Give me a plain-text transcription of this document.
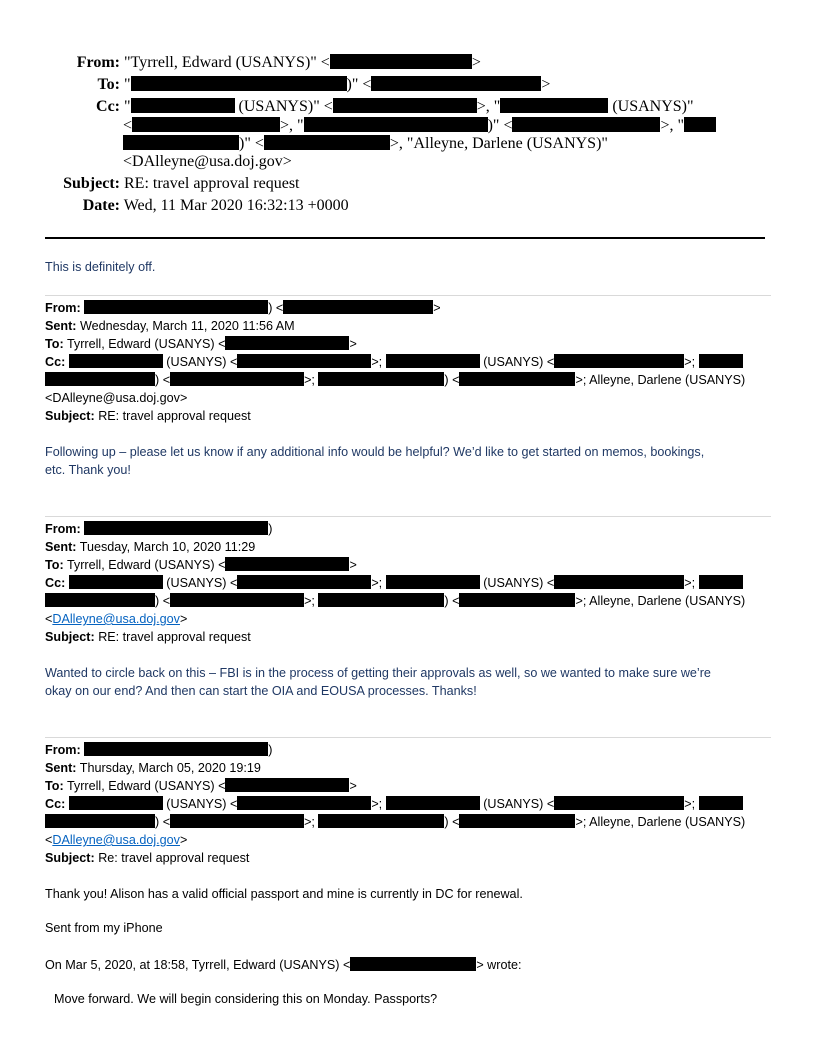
From: "Tyrrell, Edward (USANYS)" <	>
To: "	)" <	>
Cc: "	(USANYS)" <	>, "	(USANYS)"
<	>, "	)" <	>, "
)" <	>, "Alleyne, Darlene (USANYS)"
<DAlleyne@usa.doj.gov>
Subject: RE: travel approval request
Date: Wed, 11 Mar 2020 16:32:13 +0000
This is definitely off.
From:	) <	>
Sent: Wednesday, March 11, 2020 11:56 AM
To: Tyrrell, Edward (USANYS) <	>
Cc:	(USANYS) <	>;	(USANYS) <	>;
) <	>;	) <	>; Alleyne, Darlene (USANYS)
<DAlleyne@usa.doj.gov>
Subject: RE: travel approval request
Following up – please let us know if any additional info would be helpful? We’d like to get started on memos, bookings,
etc. Thank you!
From:	)
Sent: Tuesday, March 10, 2020 11:29
To: Tyrrell, Edward (USANYS) <	>
Cc:	(USANYS) <	>;	(USANYS) <	>;
) <	>;	) <	>; Alleyne, Darlene (USANYS)
<DAlleyne@usa.doj.gov>
Subject: RE: travel approval request
Wanted to circle back on this – FBI is in the process of getting their approvals as well, so we wanted to make sure we’re
okay on our end? And then can start the OIA and EOUSA processes. Thanks!
From:	)
Sent: Thursday, March 05, 2020 19:19
To: Tyrrell, Edward (USANYS) <	>
Cc:	(USANYS) <	>;	(USANYS) <	>;
) <	>;	) <	>; Alleyne, Darlene (USANYS)
<DAlleyne@usa.doj.gov>
Subject: Re: travel approval request
Thank you! Alison has a valid official passport and mine is currently in DC for renewal.
Sent from my iPhone
On Mar 5, 2020, at 18:58, Tyrrell, Edward (USANYS) <	> wrote:
Move forward. We will begin considering this on Monday. Passports?
